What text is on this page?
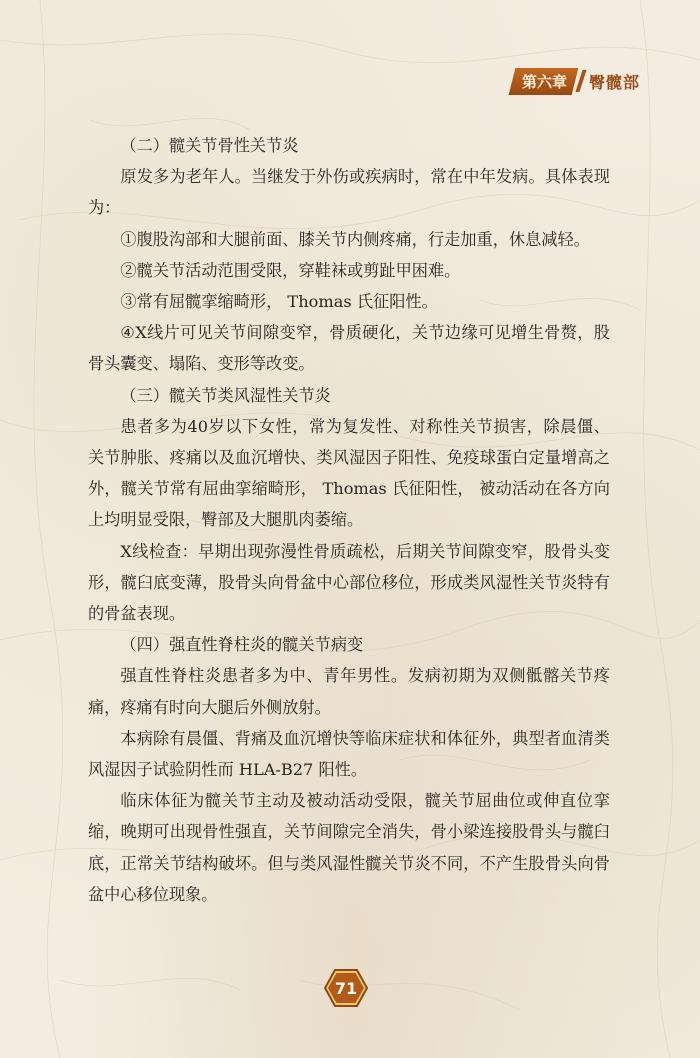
第六章	臀髋部

（二）髋关节骨性关节炎

原发多为老年人。当继发于外伤或疾病时，常在中年发病。具体表现为：

①腹股沟部和大腿前面、膝关节内侧疼痛，行走加重，休息减轻。

②髋关节活动范围受限，穿鞋袜或剪趾甲困难。

③常有屈髋挛缩畸形， Thomas 氏征阳性。

④X线片可见关节间隙变窄，骨质硬化，关节边缘可见增生骨赘，股骨头囊变、塌陷、变形等改变。

（三）髋关节类风湿性关节炎

患者多为40岁以下女性，常为复发性、对称性关节损害，除晨僵、关节肿胀、疼痛以及血沉增快、类风湿因子阳性、免疫球蛋白定量增高之外，髋关节常有屈曲挛缩畸形， Thomas 氏征阳性， 被动活动在各方向上均明显受限，臀部及大腿肌肉萎缩。

X线检查：早期出现弥漫性骨质疏松，后期关节间隙变窄，股骨头变形，髋臼底变薄，股骨头向骨盆中心部位移位，形成类风湿性关节炎特有的骨盆表现。

（四）强直性脊柱炎的髋关节病变

强直性脊柱炎患者多为中、青年男性。发病初期为双侧骶髂关节疼痛，疼痛有时向大腿后外侧放射。

本病除有晨僵、背痛及血沉增快等临床症状和体征外，典型者血清类风湿因子试验阴性而 HLA-B27 阳性。

临床体征为髋关节主动及被动活动受限，髋关节屈曲位或伸直位挛缩，晚期可出现骨性强直，关节间隙完全消失，骨小梁连接股骨头与髋臼底，正常关节结构破坏。但与类风湿性髋关节炎不同，不产生股骨头向骨盆中心移位现象。

71
